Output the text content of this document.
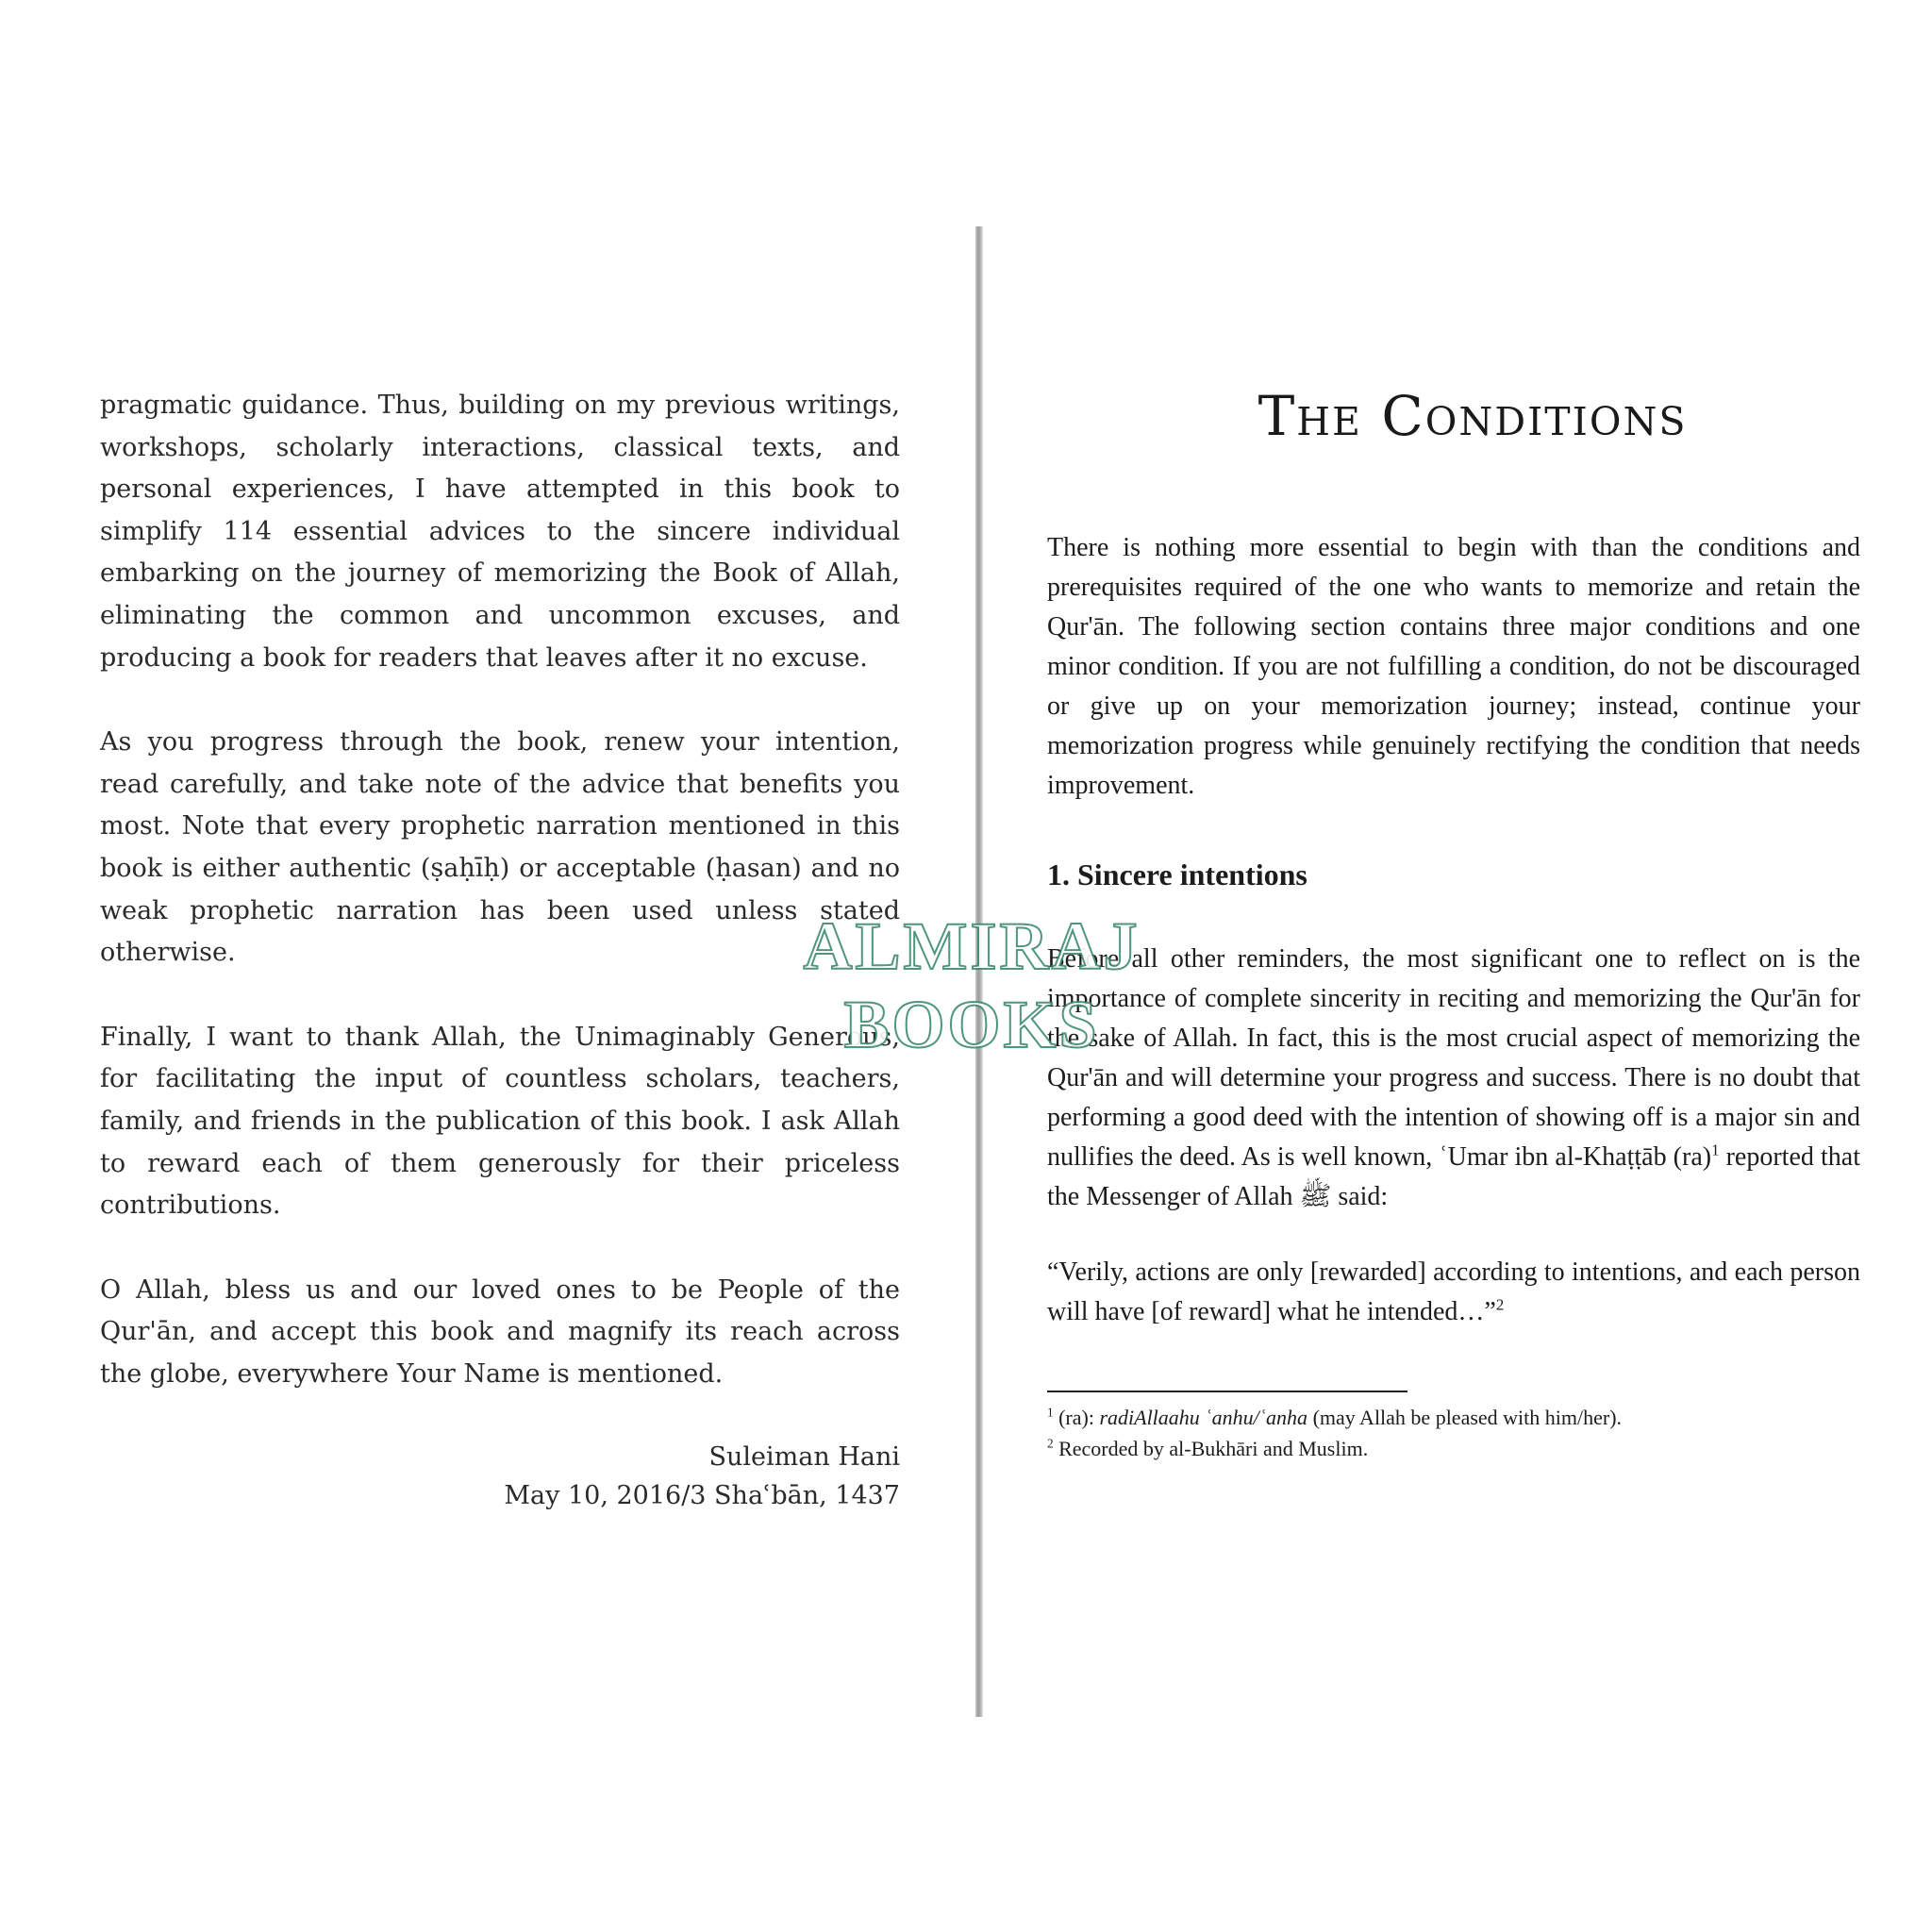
pragmatic guidance. Thus, building on my previous writings, workshops, scholarly interactions, classical texts, and personal experiences, I have attempted in this book to simplify 114 essential advices to the sincere individual embarking on the journey of memorizing the Book of Allah, eliminating the common and uncommon excuses, and producing a book for readers that leaves after it no excuse.

As you progress through the book, renew your intention, read carefully, and take note of the advice that benefits you most. Note that every prophetic narration mentioned in this book is either authentic (ṣaḥīḥ) or acceptable (ḥasan) and no weak prophetic narration has been used unless stated otherwise.

Finally, I want to thank Allah, the Unimaginably Generous, for facilitating the input of countless scholars, teachers, family, and friends in the publication of this book. I ask Allah to reward each of them generously for their priceless contributions.

O Allah, bless us and our loved ones to be People of the Qur'ān, and accept this book and magnify its reach across the globe, everywhere Your Name is mentioned.

Suleiman Hani
May 10, 2016/3 Shaʿbān, 1437
The Conditions

There is nothing more essential to begin with than the conditions and prerequisites required of the one who wants to memorize and retain the Qur'ān. The following section contains three major conditions and one minor condition. If you are not fulfilling a condition, do not be discouraged or give up on your memorization journey; instead, continue your memorization progress while genuinely rectifying the condition that needs improvement.

1. Sincere intentions

Before all other reminders, the most significant one to reflect on is the importance of complete sincerity in reciting and memorizing the Qur'ān for the sake of Allah. In fact, this is the most crucial aspect of memorizing the Qur'ān and will determine your progress and success. There is no doubt that performing a good deed with the intention of showing off is a major sin and nullifies the deed. As is well known, ʿUmar ibn al-Khaṭṭāb (ra)$^1$ reported that the Messenger of Allah ﷺ said:

“Verily, actions are only [rewarded] according to intentions, and each person will have [of reward] what he intended…”$^2$

$^1$ (ra): radiAllaahu ʿanhu/ʿanha (may Allah be pleased with him/her).
$^2$ Recorded by al-Bukhāri and Muslim.
ALMIRAJ BOOKS
